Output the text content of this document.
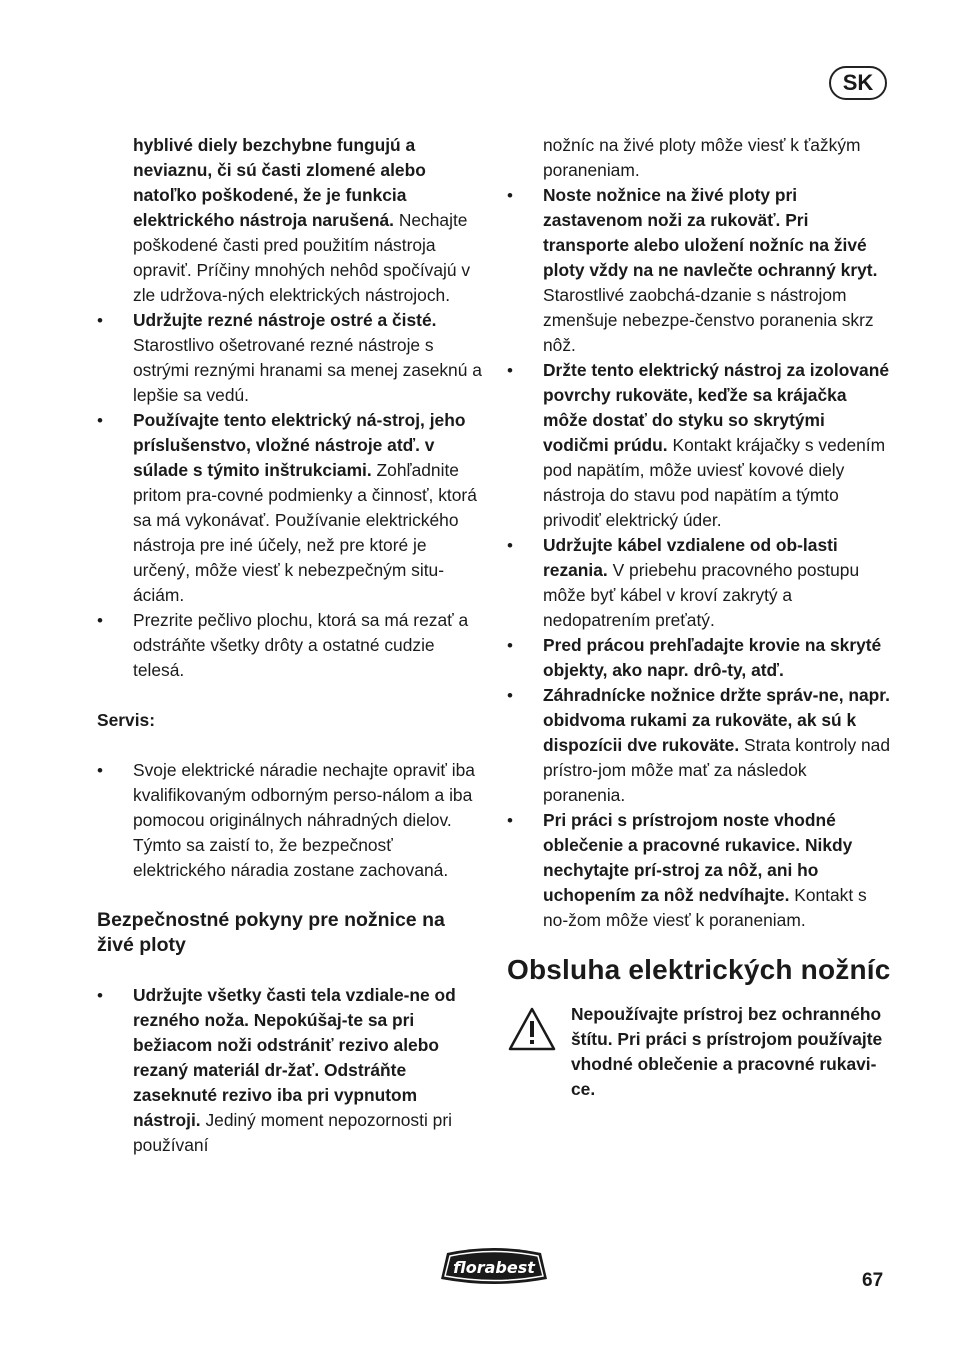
SK

hyblivé diely bezchybne fungujú a neviaznu, či sú časti zlomené alebo natoľko poškodené, že je funkcia elektrického nástroja narušená. Nechajte poškodené časti pred použitím nástroja opraviť. Príčiny mnohých nehôd spočívajú v zle udržova-ných elektrických nástrojoch.

• Udržujte rezné nástroje ostré a čisté. Starostlivo ošetrované rezné nástroje s ostrými reznými hranami sa menej zaseknú a lepšie sa vedú.

• Používajte tento elektrický ná-stroj, jeho príslušenstvo, vložné nástroje atď. v súlade s týmito inštrukciami. Zohľadnite pritom pra-covné podmienky a činnosť, ktorá sa má vykonávať. Používanie elektrického nástroja pre iné účely, než pre ktoré je určený, môže viesť k nebezpečným situ-áciám.

• Prezrite pečlivo plochu, ktorá sa má rezať a odstráňte všetky drôty a ostatné cudzie telesá.

Servis:

• Svoje elektrické náradie nechajte opraviť iba kvalifikovaným odborným perso-nálom a iba pomocou originálnych náhradných dielov. Týmto sa zaistí to, že bezpečnosť elektrického náradia zostane zachovaná.

Bezpečnostné pokyny pre nožnice na živé ploty

• Udržujte všetky časti tela vzdiale-ne od rezného noža. Nepokúšaj-te sa pri bežiacom noži odstrániť rezivo alebo rezaný materiál dr-žať. Odstráňte zaseknuté rezivo iba pri vypnutom nástroji. Jediný moment nepozornosti pri používaní

nožníc na živé ploty môže viesť k ťažkým poraneniam.

• Noste nožnice na živé ploty pri zastavenom noži za rukoväť. Pri transporte alebo uložení nožníc na živé ploty vždy na ne navlečte ochranný kryt. Starostlivé zaobchá-dzanie s nástrojom zmenšuje nebezpe-čenstvo poranenia skrz nôž.

• Držte tento elektrický nástroj za izolované povrchy rukoväte, keďže sa krájačka môže dostať do styku so skrytými vodičmi prúdu. Kontakt krájačky s vedením pod napätím, môže uviesť kovové diely nástroja do stavu pod napätím a týmto privodiť elektrický úder.

• Udržujte kábel vzdialene od ob-lasti rezania. V priebehu pracovného postupu môže byť kábel v kroví zakrytý a nedopatrením preťatý.

• Pred prácou prehľadajte krovie na skryté objekty, ako napr. drô-ty, atď.

• Záhradnícke nožnice držte správ-ne, napr. obidvoma rukami za rukoväte, ak sú k dispozícii dve rukoväte. Strata kontroly nad prístro-jom môže mať za následok poranenia.

• Pri práci s prístrojom noste vhodné oblečenie a pracovné rukavice. Nikdy nechytajte prí-stroj za nôž, ani ho uchopením za nôž nedvíhajte. Kontakt s no-žom môže viesť k poraneniam.

Obsluha elektrických nožníc

Nepoužívajte prístroj bez ochranného štítu. Pri práci s prístrojom používajte vhodné oblečenie a pracovné rukavi-ce.

florabest
67
